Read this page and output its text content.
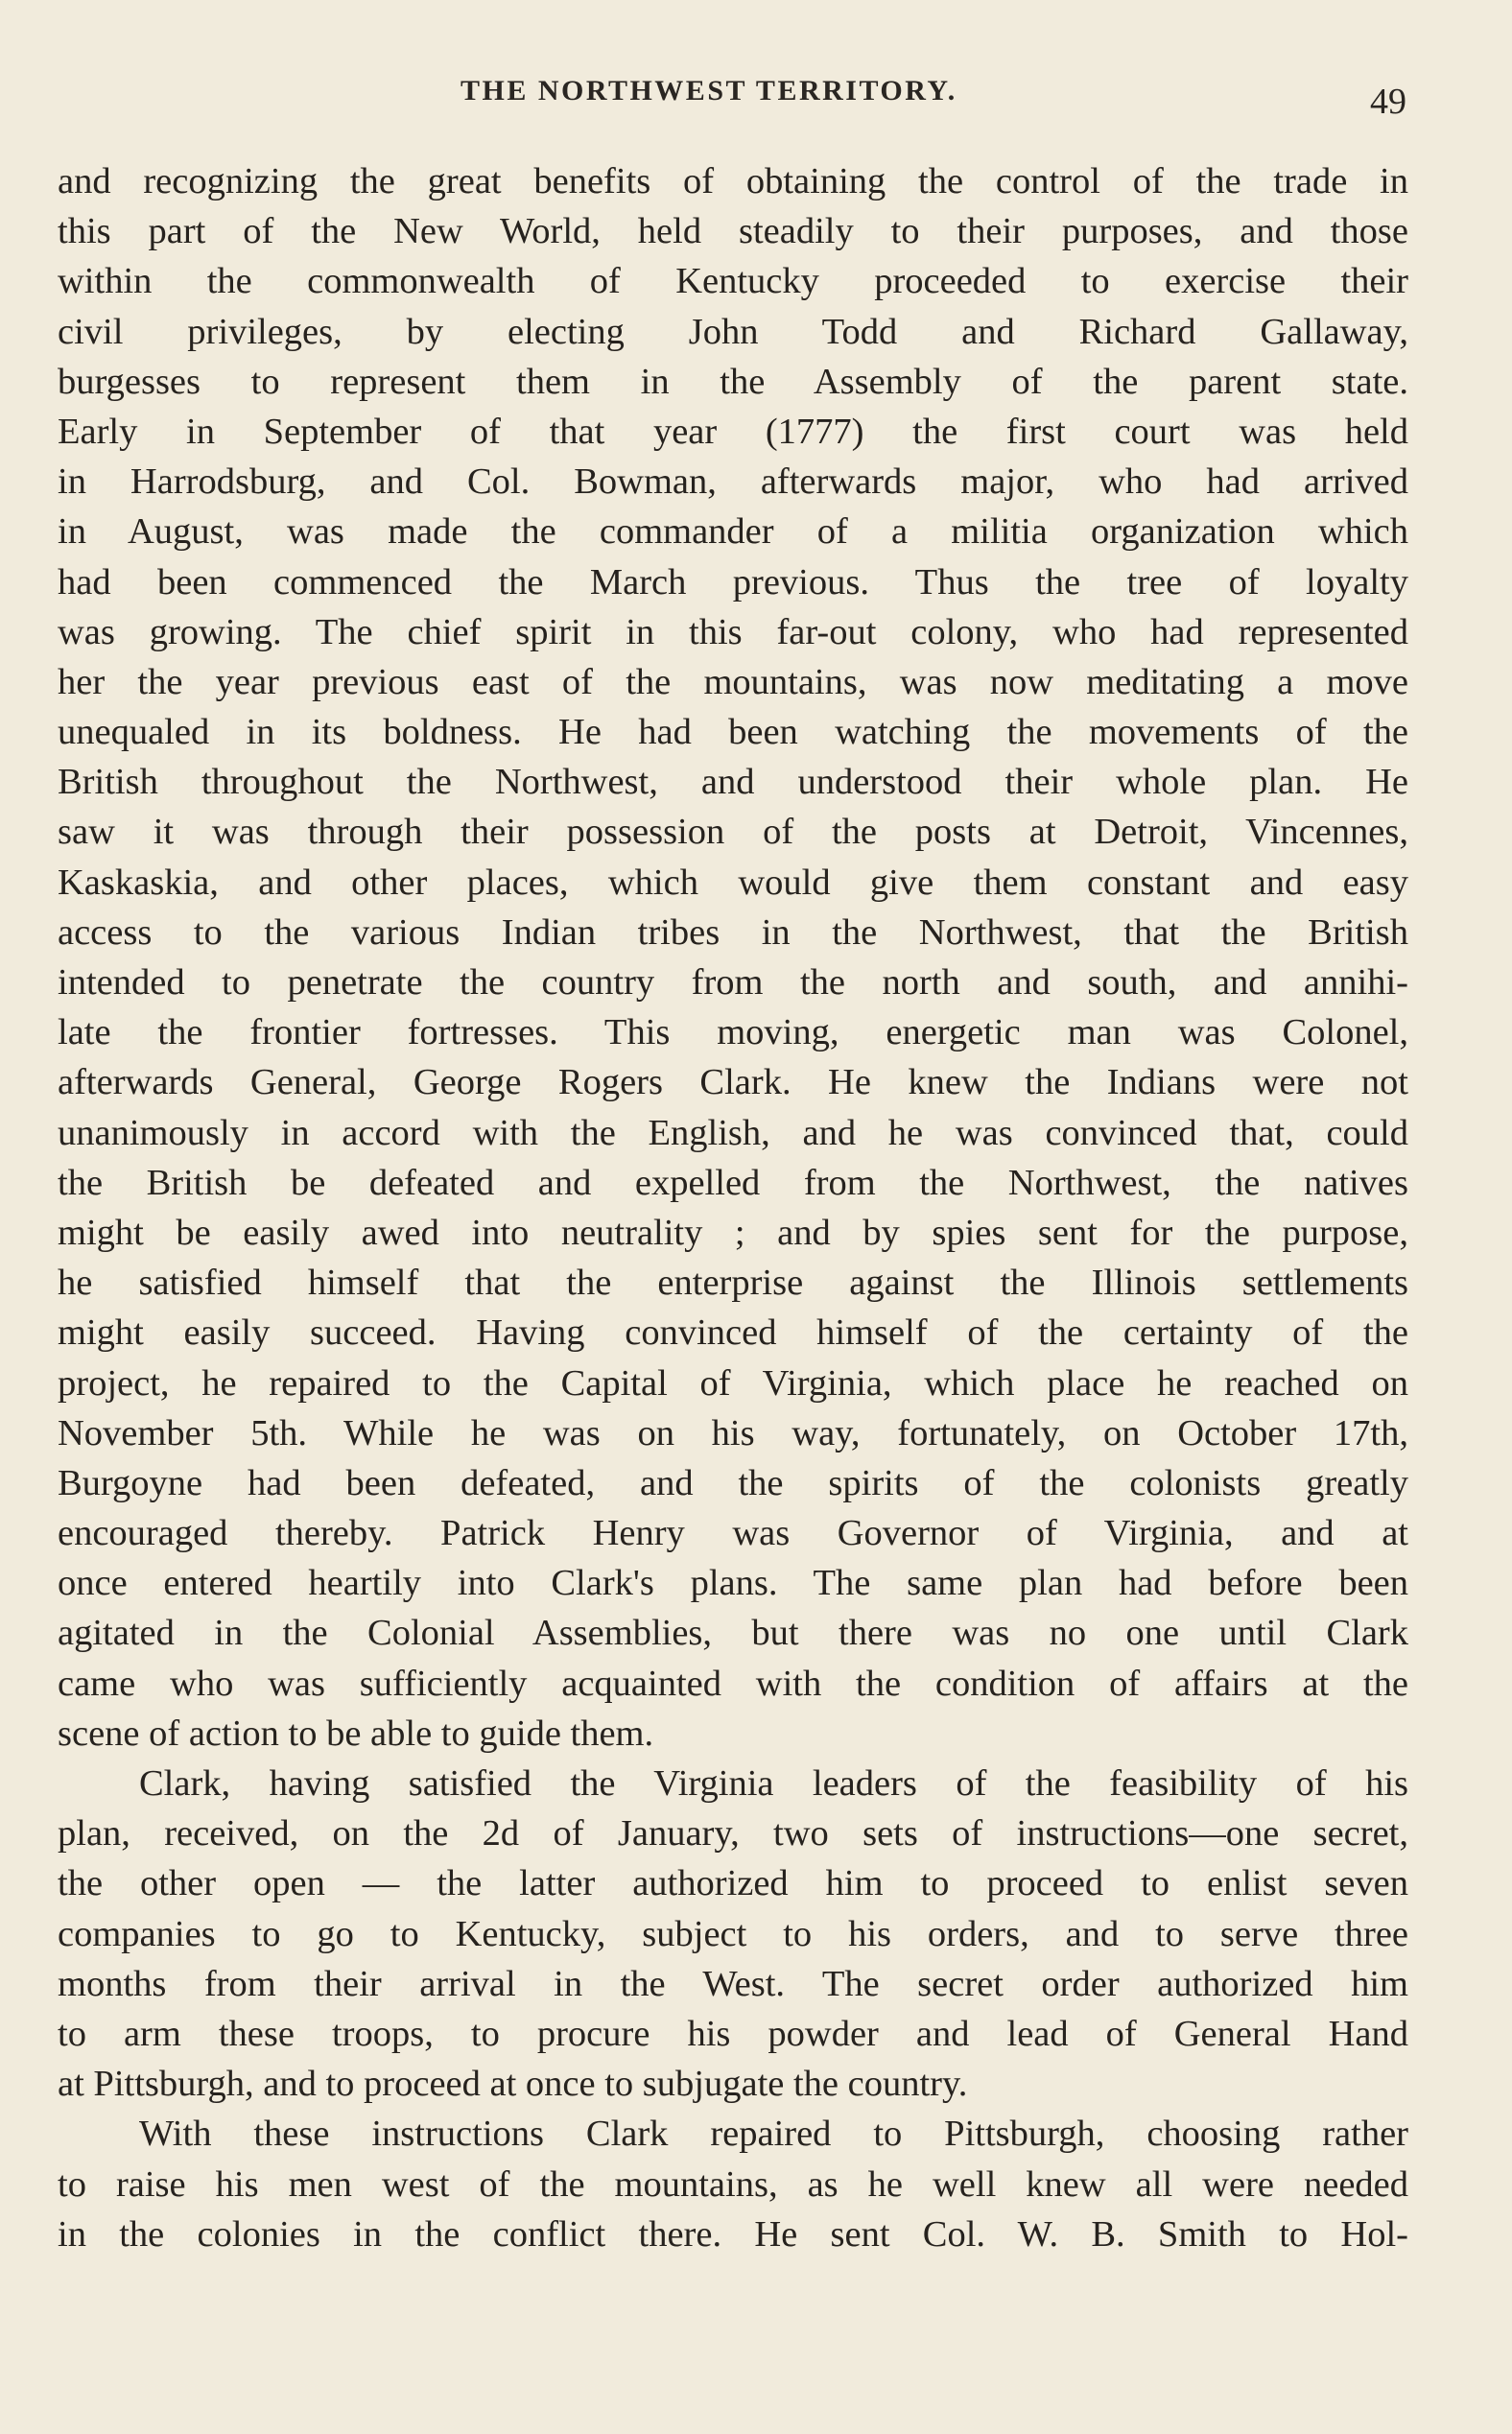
THE NORTHWEST TERRITORY.	49
and recognizing the great benefits of obtaining the control of the trade in
this part of the New World, held steadily to their purposes, and those
within the commonwealth of Kentucky proceeded to exercise their
civil privileges, by electing John Todd and Richard Gallaway,
burgesses to represent them in the Assembly of the parent state.
Early in September of that year (1777) the first court was held
in Harrodsburg, and Col. Bowman, afterwards major, who had arrived
in August, was made the commander of a militia organization which
had been commenced the March previous. Thus the tree of loyalty
was growing. The chief spirit in this far-out colony, who had represented
her the year previous east of the mountains, was now meditating a move
unequaled in its boldness. He had been watching the movements of the
British throughout the Northwest, and understood their whole plan. He
saw it was through their possession of the posts at Detroit, Vincennes,
Kaskaskia, and other places, which would give them constant and easy
access to the various Indian tribes in the Northwest, that the British
intended to penetrate the country from the north and south, and annihi-
late the frontier fortresses. This moving, energetic man was Colonel,
afterwards General, George Rogers Clark. He knew the Indians were not
unanimously in accord with the English, and he was convinced that, could
the British be defeated and expelled from the Northwest, the natives
might be easily awed into neutrality ; and by spies sent for the purpose,
he satisfied himself that the enterprise against the Illinois settlements
might easily succeed. Having convinced himself of the certainty of the
project, he repaired to the Capital of Virginia, which place he reached on
November 5th. While he was on his way, fortunately, on October 17th,
Burgoyne had been defeated, and the spirits of the colonists greatly
encouraged thereby. Patrick Henry was Governor of Virginia, and at
once entered heartily into Clark's plans. The same plan had before been
agitated in the Colonial Assemblies, but there was no one until Clark
came who was sufficiently acquainted with the condition of affairs at the
scene of action to be able to guide them.
Clark, having satisfied the Virginia leaders of the feasibility of his
plan, received, on the 2d of January, two sets of instructions—one secret,
the other open — the latter authorized him to proceed to enlist seven
companies to go to Kentucky, subject to his orders, and to serve three
months from their arrival in the West. The secret order authorized him
to arm these troops, to procure his powder and lead of General Hand
at Pittsburgh, and to proceed at once to subjugate the country.
With these instructions Clark repaired to Pittsburgh, choosing rather
to raise his men west of the mountains, as he well knew all were needed
in the colonies in the conflict there. He sent Col. W. B. Smith to Hol-
